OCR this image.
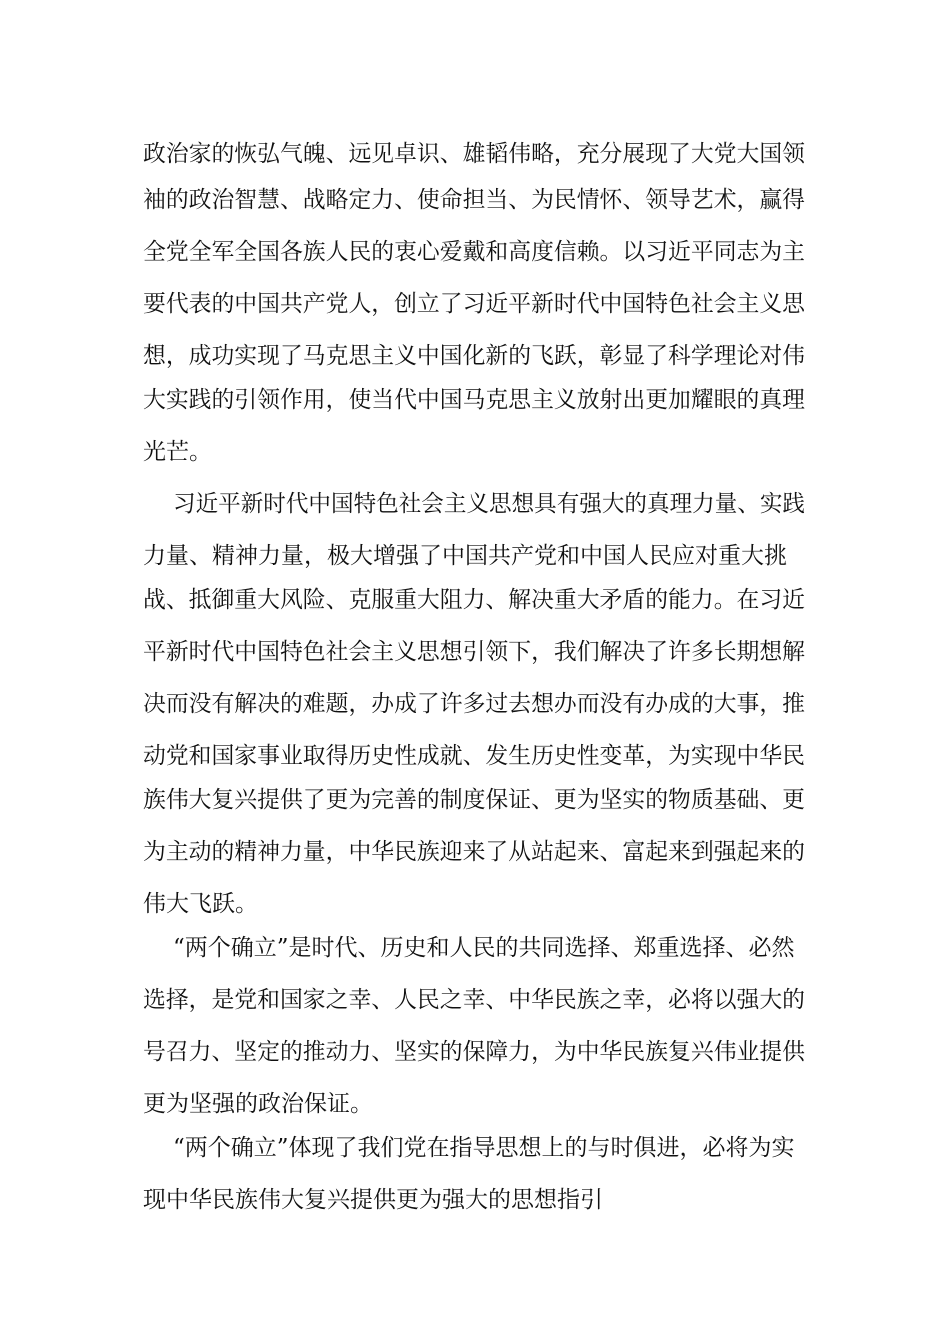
政治家的恢弘气魄、远见卓识、雄韬伟略，充分展现了大党大国领
袖的政治智慧、战略定力、使命担当、为民情怀、领导艺术，赢得
全党全军全国各族人民的衷心爱戴和高度信赖。以习近平同志为主
要代表的中国共产党人，创立了习近平新时代中国特色社会主义思
想，成功实现了马克思主义中国化新的飞跃，彰显了科学理论对伟
大实践的引领作用，使当代中国马克思主义放射出更加耀眼的真理
光芒。
习近平新时代中国特色社会主义思想具有强大的真理力量、实践
力量、精神力量，极大增强了中国共产党和中国人民应对重大挑
战、抵御重大风险、克服重大阻力、解决重大矛盾的能力。在习近
平新时代中国特色社会主义思想引领下，我们解决了许多长期想解
决而没有解决的难题，办成了许多过去想办而没有办成的大事，推
动党和国家事业取得历史性成就、发生历史性变革，为实现中华民
族伟大复兴提供了更为完善的制度保证、更为坚实的物质基础、更
为主动的精神力量，中华民族迎来了从站起来、富起来到强起来的
伟大飞跃。
“两个确立”是时代、历史和人民的共同选择、郑重选择、必然
选择，是党和国家之幸、人民之幸、中华民族之幸，必将以强大的
号召力、坚定的推动力、坚实的保障力，为中华民族复兴伟业提供
更为坚强的政治保证。
“两个确立”体现了我们党在指导思想上的与时俱进，必将为实
现中华民族伟大复兴提供更为强大的思想指引
